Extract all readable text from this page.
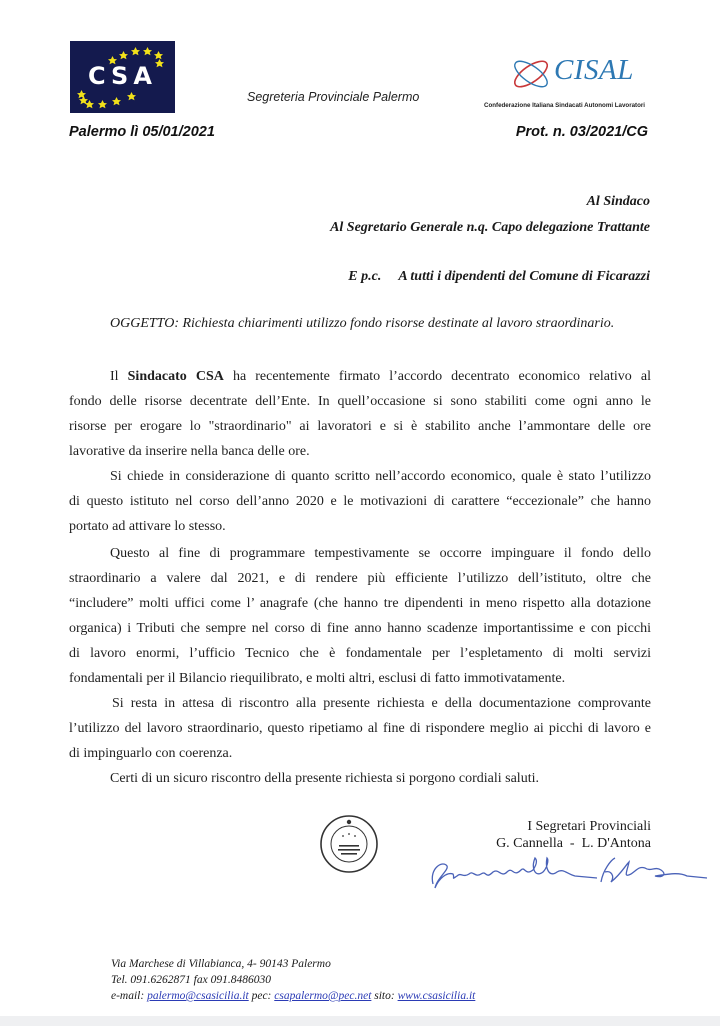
CSA
Segreteria Provinciale Palermo
CISAL
Confederazione Italiana Sindacati Autonomi Lavoratori
Palermo lì 05/01/2021	Prot. n. 03/2021/CG
Al Sindaco
Al Segretario Generale n.q. Capo delegazione Trattante
E p.c. A tutti i dipendenti del Comune di Ficarazzi
OGGETTO: Richiesta chiarimenti utilizzo fondo risorse destinate al lavoro straordinario.
Il Sindacato CSA ha recentemente firmato l’accordo decentrato economico relativo al
fondo delle risorse decentrate dell’Ente. In quell’occasione si sono stabiliti come ogni anno le
risorse per erogare lo "straordinario" ai lavoratori e si è stabilito anche l’ammontare delle ore
lavorative da inserire nella banca delle ore.
Si chiede in considerazione di quanto scritto nell’accordo economico, quale è stato l’utilizzo
di questo istituto nel corso dell’anno 2020 e le motivazioni di carattere “eccezionale” che hanno
portato ad attivare lo stesso.
Questo al fine di programmare tempestivamente se occorre impinguare il fondo dello
straordinario a valere dal 2021, e di rendere più efficiente l’utilizzo dell’istituto, oltre che
“includere” molti uffici come l’ anagrafe (che hanno tre dipendenti in meno rispetto alla dotazione
organica) i Tributi che sempre nel corso di fine anno hanno scadenze importantissime e con picchi
di lavoro enormi, l’ufficio Tecnico che è fondamentale per l’espletamento di molti servizi
fondamentali per il Bilancio riequilibrato, e molti altri, esclusi di fatto immotivatamente.
Si resta in attesa di riscontro alla presente richiesta e della documentazione comprovante
l’utilizzo del lavoro straordinario, questo ripetiamo al fine di rispondere meglio ai picchi di lavoro e
di impinguarlo con coerenza.
Certi di un sicuro riscontro della presente richiesta si porgono cordiali saluti.
I Segretari Provinciali
G. Cannella  -  L. D'Antona
Via Marchese di Villabianca, 4- 90143 Palermo
Tel. 091.6262871 fax 091.8486030
e-mail: palermo@csasicilia.it pec: csapalermo@pec.net sito: www.csasicilia.it
